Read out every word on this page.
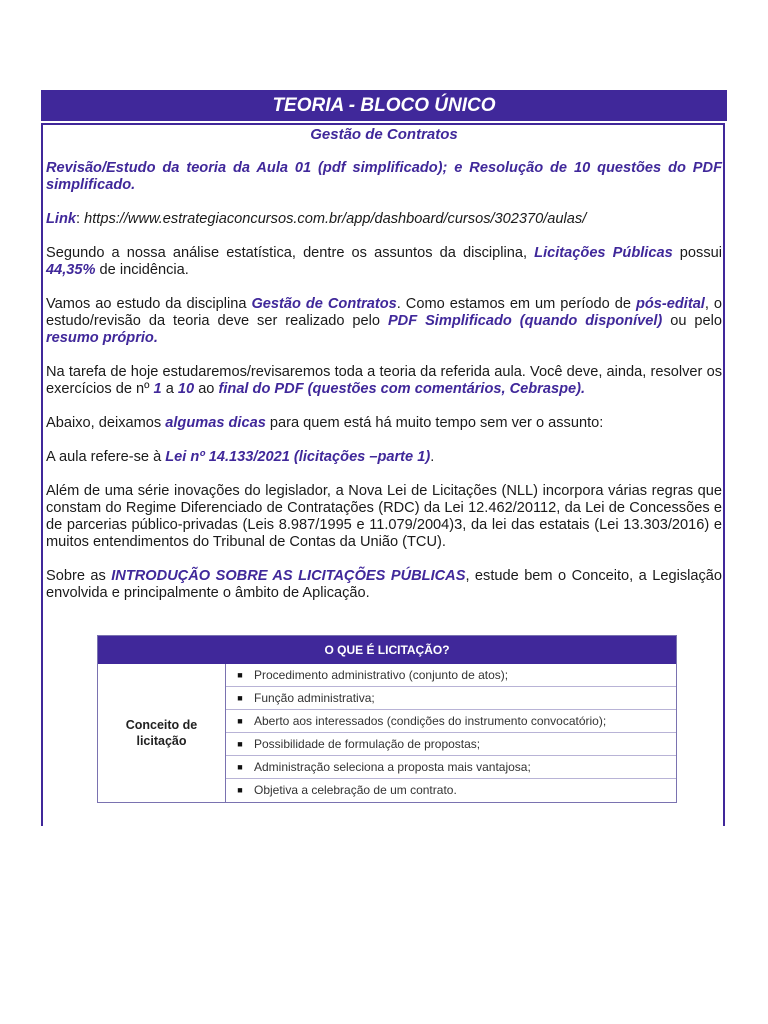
TEORIA - BLOCO ÚNICO
Gestão de Contratos

Revisão/Estudo da teoria da Aula 01 (pdf simplificado); e Resolução de 10 questões do PDF simplificado.

Link: https://www.estrategiaconcursos.com.br/app/dashboard/cursos/302370/aulas/

Segundo a nossa análise estatística, dentre os assuntos da disciplina, Licitações Públicas possui 44,35% de incidência.

Vamos ao estudo da disciplina Gestão de Contratos. Como estamos em um período de pós-edital, o estudo/revisão da teoria deve ser realizado pelo PDF Simplificado (quando disponível) ou pelo resumo próprio.

Na tarefa de hoje estudaremos/revisaremos toda a teoria da referida aula. Você deve, ainda, resolver os exercícios de nº 1 a 10 ao final do PDF (questões com comentários, Cebraspe).

Abaixo, deixamos algumas dicas para quem está há muito tempo sem ver o assunto:

A aula refere-se à Lei nº 14.133/2021 (licitações –parte 1).

Além de uma série inovações do legislador, a Nova Lei de Licitações (NLL) incorpora várias regras que constam do Regime Diferenciado de Contratações (RDC) da Lei 12.462/20112, da Lei de Concessões e de parcerias público-privadas (Leis 8.987/1995 e 11.079/2004)3, da lei das estatais (Lei 13.303/2016) e muitos entendimentos do Tribunal de Contas da União (TCU).

Sobre as INTRODUÇÃO SOBRE AS LICITAÇÕES PÚBLICAS, estude bem o Conceito, a Legislação envolvida e principalmente o âmbito de Aplicação.

O QUE É LICITAÇÃO?
Conceito de licitação
■ Procedimento administrativo (conjunto de atos);
■ Função administrativa;
■ Aberto aos interessados (condições do instrumento convocatório);
■ Possibilidade de formulação de propostas;
■ Administração seleciona a proposta mais vantajosa;
■ Objetiva a celebração de um contrato.
